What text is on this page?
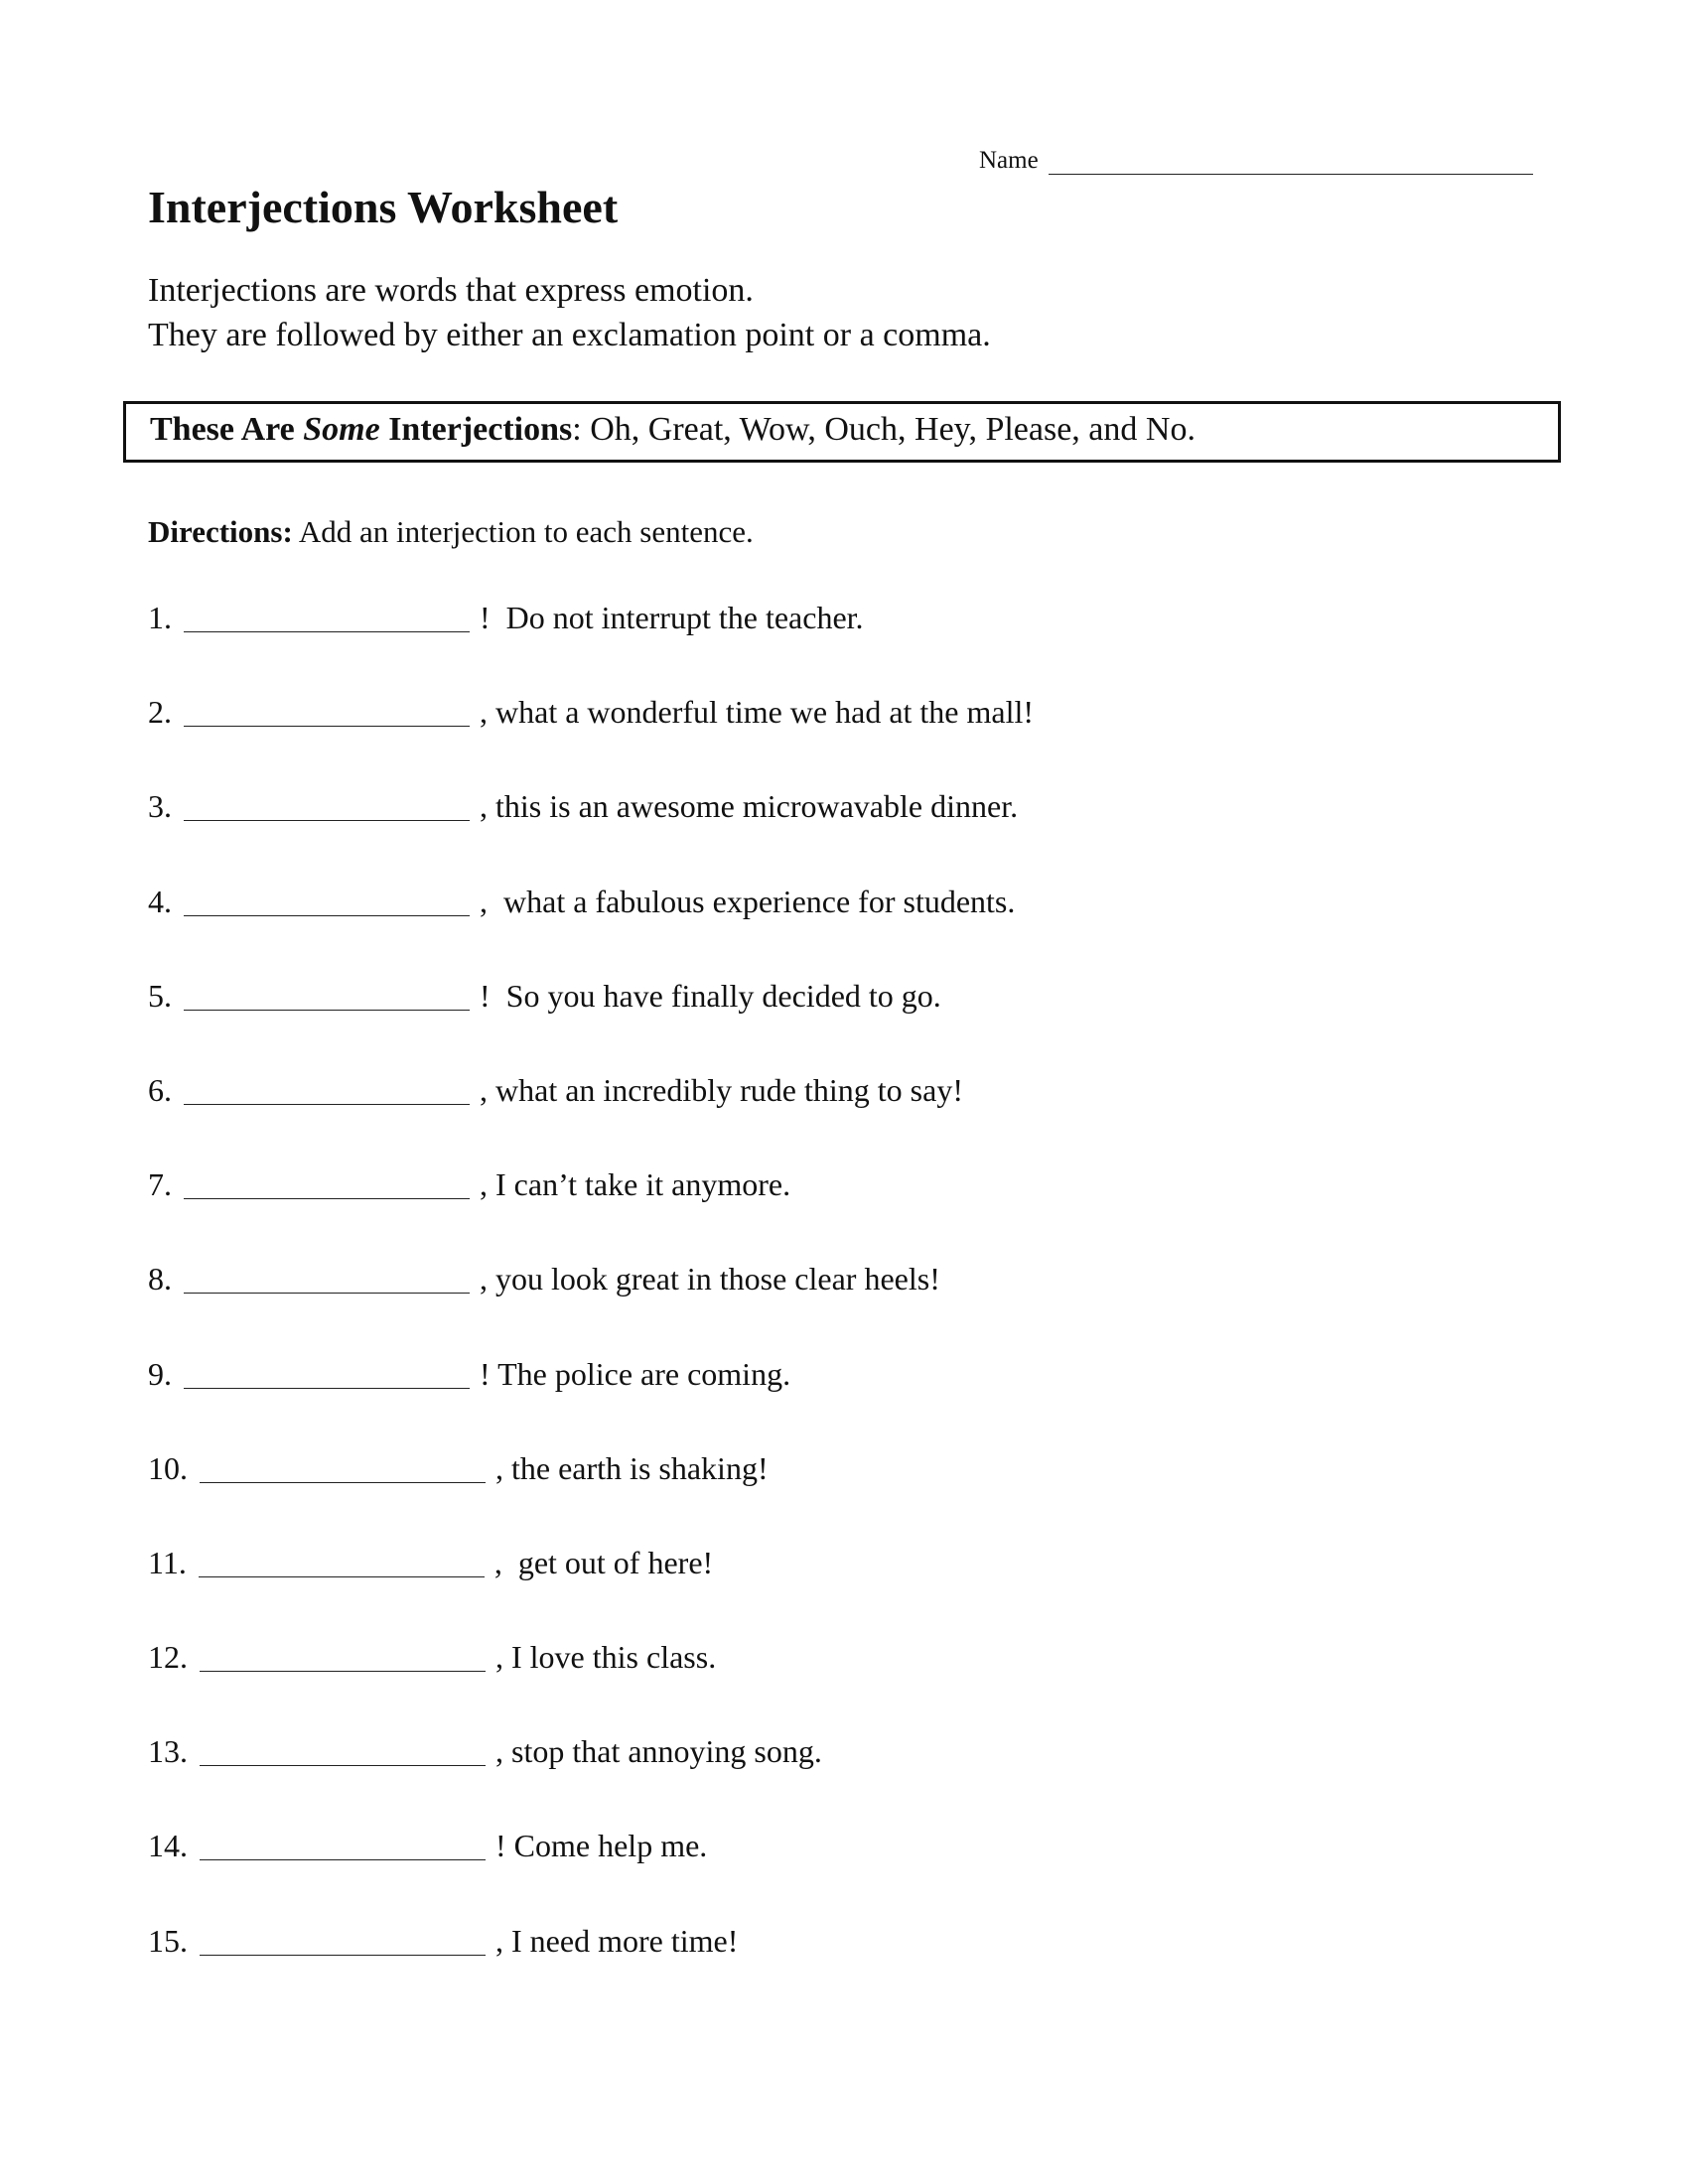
Name
Interjections Worksheet
Interjections are words that express emotion.
They are followed by either an exclamation point or a comma.
These Are Some Interjections: Oh, Great, Wow, Ouch, Hey, Please, and No.
Directions: Add an interjection to each sentence.
1.	!  Do not interrupt the teacher.
2.	, what a wonderful time we had at the mall!
3.	, this is an awesome microwavable dinner.
4.	,  what a fabulous experience for students.
5.	!  So you have finally decided to go.
6.	, what an incredibly rude thing to say!
7.	, I can’t take it anymore.
8.	, you look great in those clear heels!
9.	! The police are coming.
10.	, the earth is shaking!
11.	,  get out of here!
12.	, I love this class.
13.	, stop that annoying song.
14.	! Come help me.
15.	, I need more time!
